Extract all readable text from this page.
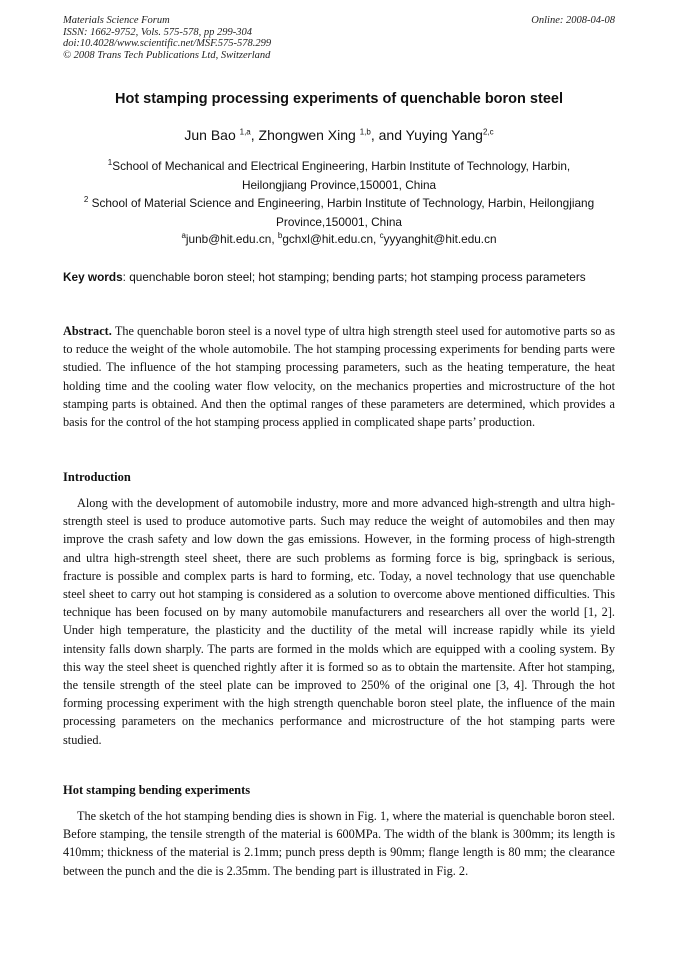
Materials Science Forum
ISSN: 1662-9752, Vols. 575-578, pp 299-304
doi:10.4028/www.scientific.net/MSF.575-578.299
© 2008 Trans Tech Publications Ltd, Switzerland
Online: 2008-04-08
Hot stamping processing experiments of quenchable boron steel
Jun Bao $^{1,a}$, Zhongwen Xing $^{1,b}$, and Yuying Yang$^{2,c}$
$^1$School of Mechanical and Electrical Engineering, Harbin Institute of Technology, Harbin,
Heilongjiang Province,150001, China
$^2$ School of Material Science and Engineering, Harbin Institute of Technology, Harbin, Heilongjiang
Province,150001, China
$^a$junb@hit.edu.cn, $^b$gchxl@hit.edu.cn, $^c$yyyanghit@hit.edu.cn
Key words: quenchable boron steel; hot stamping; bending parts; hot stamping process parameters
Abstract. The quenchable boron steel is a novel type of ultra high strength steel used for automotive parts so as to reduce the weight of the whole automobile. The hot stamping processing experiments for bending parts were studied. The influence of the hot stamping processing parameters, such as the heating temperature, the heat holding time and the cooling water flow velocity, on the mechanics properties and microstructure of the hot stamping parts is obtained. And then the optimal ranges of these parameters are determined, which provides a basis for the control of the hot stamping process applied in complicated shape parts’ production.
Introduction
Along with the development of automobile industry, more and more advanced high-strength and ultra high-strength steel is used to produce automotive parts. Such may reduce the weight of automobiles and then may improve the crash safety and low down the gas emissions. However, in the forming process of high-strength and ultra high-strength steel sheet, there are such problems as forming force is big, springback is serious, fracture is possible and complex parts is hard to forming, etc. Today, a novel technology that use quenchable steel sheet to carry out hot stamping is considered as a solution to overcome above mentioned difficulties. This technique has been focused on by many automobile manufacturers and researchers all over the world [1, 2]. Under high temperature, the plasticity and the ductility of the metal will increase rapidly while its yield intensity falls down sharply. The parts are formed in the molds which are equipped with a cooling system. By this way the steel sheet is quenched rightly after it is formed so as to obtain the martensite. After hot stamping, the tensile strength of the steel plate can be improved to 250% of the original one [3, 4]. Through the hot forming processing experiment with the high strength quenchable boron steel plate, the influence of the main processing parameters on the mechanics performance and microstructure of the hot stamping parts were studied.
Hot stamping bending experiments
The sketch of the hot stamping bending dies is shown in Fig. 1, where the material is quenchable boron steel. Before stamping, the tensile strength of the material is 600MPa. The width of the blank is 300mm; its length is 410mm; thickness of the material is 2.1mm; punch press depth is 90mm; flange length is 80 mm; the clearance between the punch and the die is 2.35mm. The bending part is illustrated in Fig. 2.
